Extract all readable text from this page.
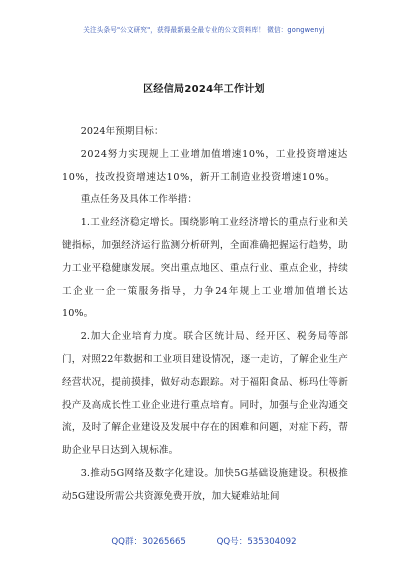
关注头条号"公文研究"，获得最新最全最专业的公文资料库！ 微信：gongwenyj
区经信局2024年工作计划

2024年预期目标：

2024努力实现规上工业增加值增速10%，工业投资增速达10%，技改投资增速达10%，新开工制造业投资增速10%。

重点任务及具体工作举措：

1.工业经济稳定增长。围绕影响工业经济增长的重点行业和关键指标，加强经济运行监测分析研判，全面准确把握运行趋势，助力工业平稳健康发展。突出重点地区、重点行业、重点企业，持续工企业一企一策服务指导，力争24年规上工业增加值增长达10%。

2.加大企业培育力度。联合区统计局、经开区、税务局等部门，对照22年数据和工业项目建设情况，逐一走访，了解企业生产经营状况，提前摸排，做好动态跟踪。对于福阳食品、栎玛仕等新投产及高成长性工业企业进行重点培育。同时，加强与企业沟通交流，及时了解企业建设及发展中存在的困难和问题，对症下药，帮助企业早日达到入规标准。

3.推动5G网络及数字化建设。加快5G基础设施建设。积极推动5G建设所需公共资源免费开放，加大疑难站址间

QQ群：30265665	QQ号：535304092
